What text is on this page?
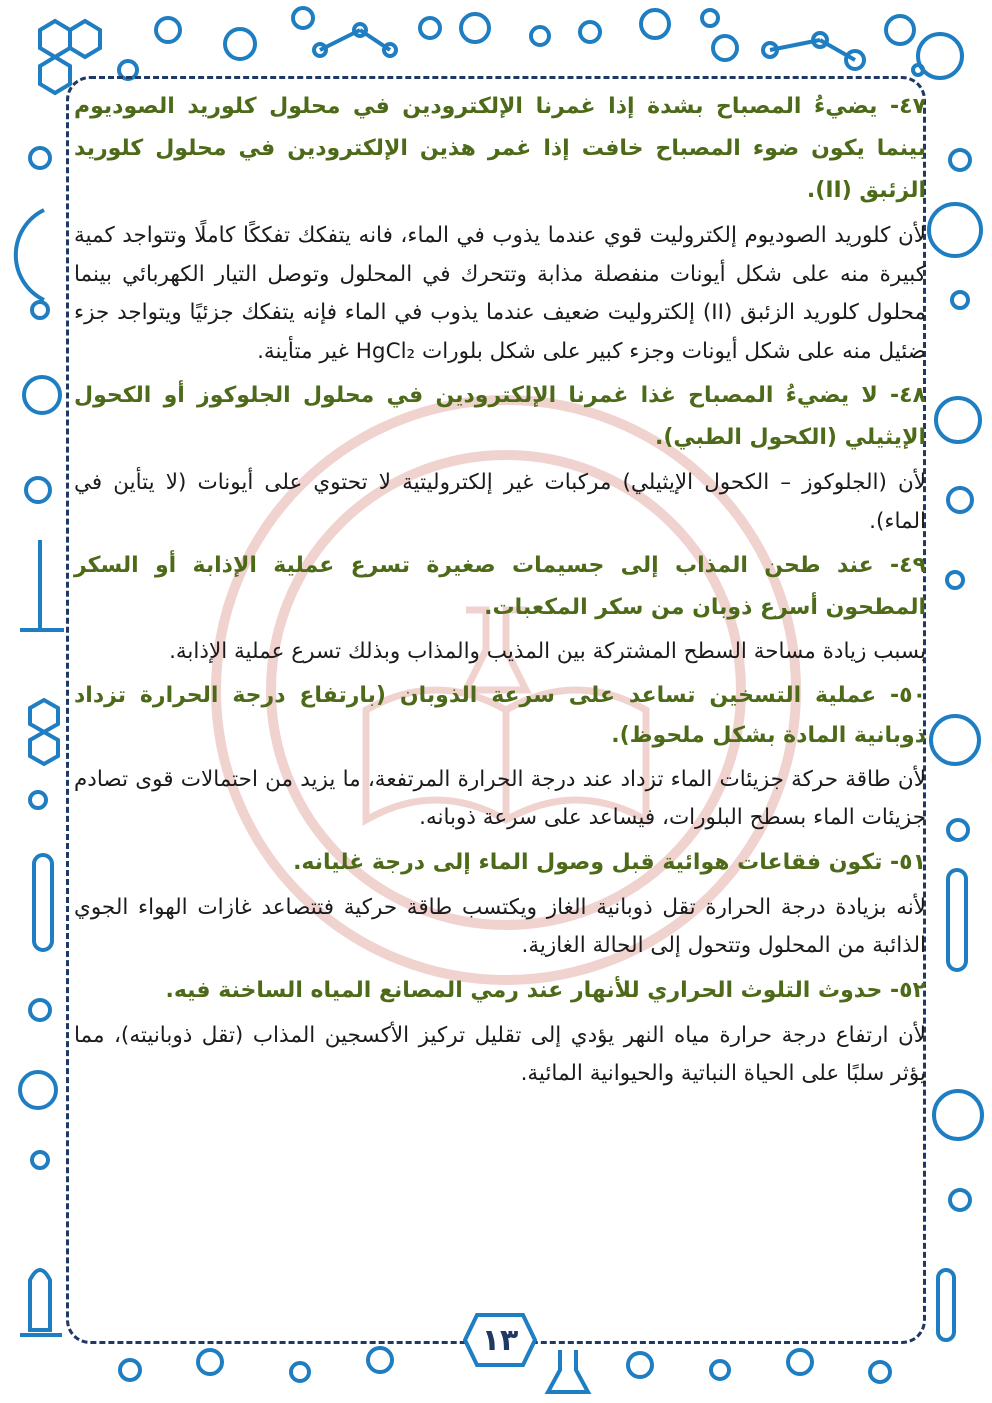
٤٧- يضيءُ المصباح بشدة إذا غمرنا الإلكترودين في محلول كلوريد الصوديوم بينما يكون ضوء المصباح خافت إذا غمر هذين الإلكترودين في محلول كلوريد الزئبق (II).

لأن كلوريد الصوديوم إلكتروليت قوي عندما يذوب في الماء، فانه يتفكك تفككًا كاملًا وتتواجد كمية كبيرة منه على شكل أيونات منفصلة مذابة وتتحرك في المحلول وتوصل التيار الكهربائي بينما محلول كلوريد الزئبق (II) إلكتروليت ضعيف عندما يذوب في الماء فإنه يتفكك جزئيًا ويتواجد جزء ضئيل منه على شكل أيونات وجزء كبير على شكل بلورات HgCl₂ غير متأينة.

٤٨- لا يضيءُ المصباح غذا غمرنا الإلكترودين في محلول الجلوكوز أو الكحول الإيثيلي (الكحول الطبي).

لأن (الجلوكوز – الكحول الإيثيلي) مركبات غير إلكتروليتية لا تحتوي على أيونات (لا يتأين في الماء).

٤٩- عند طحن المذاب إلى جسيمات صغيرة تسرع عملية الإذابة أو السكر المطحون أسرع ذوبان من سكر المكعبات.

بسبب زيادة مساحة السطح المشتركة بين المذيب والمذاب وبذلك تسرع عملية الإذابة.

٥٠- عملية التسخين تساعد على سرعة الذوبان (بارتفاع درجة الحرارة تزداد ذوبانية المادة بشكل ملحوظ).

لأن طاقة حركة جزيئات الماء تزداد عند درجة الحرارة المرتفعة، ما يزيد من احتمالات قوى تصادم جزيئات الماء بسطح البلورات، فيساعد على سرعة ذوبانه.

٥١- تكون فقاعات هوائية قبل وصول الماء إلى درجة غليانه.

لأنه بزيادة درجة الحرارة تقل ذوبانية الغاز ويكتسب طاقة حركية فتتصاعد غازات الهواء الجوي الذائبة من المحلول وتتحول إلى الحالة الغازية.

٥٢- حدوث التلوث الحراري للأنهار عند رمي المصانع المياه الساخنة فيه.

لأن ارتفاع درجة حرارة مياه النهر يؤدي إلى تقليل تركيز الأكسجين المذاب (تقل ذوبانيته)، مما يؤثر سلبًا على الحياة النباتية والحيوانية المائية.

١٣
